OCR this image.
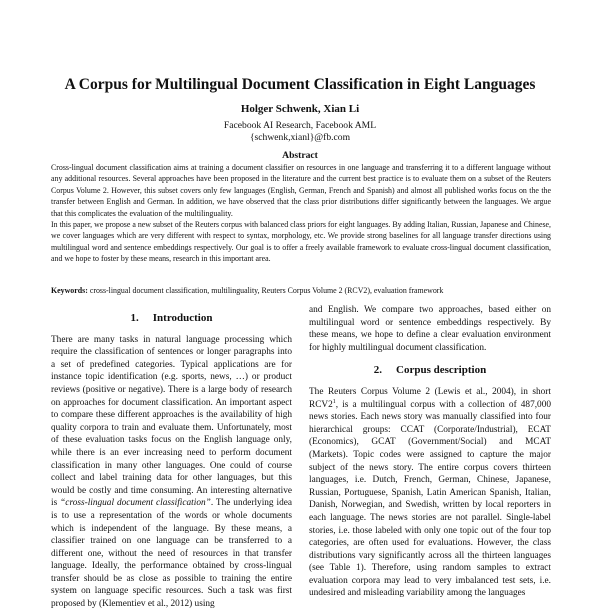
A Corpus for Multilingual Document Classification in Eight Languages
Holger Schwenk, Xian Li
Facebook AI Research, Facebook AML
{schwenk,xianl}@fb.com
Abstract

Cross-lingual document classification aims at training a document classifier on resources in one language and transferring it to a different language without any additional resources. Several approaches have been proposed in the literature and the current best practice is to evaluate them on a subset of the Reuters Corpus Volume 2. However, this subset covers only few languages (English, German, French and Spanish) and almost all published works focus on the the transfer between English and German. In addition, we have observed that the class prior distributions differ significantly between the languages. We argue that this complicates the evaluation of the multilinguality.

In this paper, we propose a new subset of the Reuters corpus with balanced class priors for eight languages. By adding Italian, Russian, Japanese and Chinese, we cover languages which are very different with respect to syntax, morphology, etc. We provide strong baselines for all language transfer directions using multilingual word and sentence embeddings respectively. Our goal is to offer a freely available framework to evaluate cross-lingual document classification, and we hope to foster by these means, research in this important area.

Keywords: cross-lingual document classification, multilinguality, Reuters Corpus Volume 2 (RCV2), evaluation framework
1. Introduction

There are many tasks in natural language processing which require the classification of sentences or longer paragraphs into a set of predefined categories. Typical applications are for instance topic identification (e.g. sports, news, …) or product reviews (positive or negative). There is a large body of research on approaches for document classification. An important aspect to compare these different approaches is the availability of high quality corpora to train and evaluate them. Unfortunately, most of these evaluation tasks focus on the English language only, while there is an ever increasing need to perform document classification in many other languages. One could of course collect and label training data for other languages, but this would be costly and time consuming. An interesting alternative is “cross-lingual document classification”. The underlying idea is to use a representation of the words or whole documents which is independent of the language. By these means, a classifier trained on one language can be transferred to a different one, without the need of resources in that transfer language. Ideally, the performance obtained by cross-lingual transfer should be as close as possible to training the entire system on language specific resources. Such a task was first proposed by (Klementiev et al., 2012) using

and English. We compare two approaches, based either on multilingual word or sentence embeddings respectively. By these means, we hope to define a clear evaluation environment for highly multilingual document classification.

2. Corpus description

The Reuters Corpus Volume 2 (Lewis et al., 2004), in short $RCV2^1$, is a multilingual corpus with a collection of 487,000 news stories. Each news story was manually classified into four hierarchical groups: CCAT (Corporate/Industrial), ECAT (Economics), GCAT (Government/Social) and MCAT (Markets). Topic codes were assigned to capture the major subject of the news story. The entire corpus covers thirteen languages, i.e. Dutch, French, German, Chinese, Japanese, Russian, Portuguese, Spanish, Latin American Spanish, Italian, Danish, Norwegian, and Swedish, written by local reporters in each language. The news stories are not parallel. Single-label stories, i.e. those labeled with only one topic out of the four top categories, are often used for evaluations. However, the class distributions vary significantly across all the thirteen languages (see Table 1). Therefore, using random samples to extract evaluation corpora may lead to very imbalanced test sets, i.e. undesired and misleading variability among the languages
